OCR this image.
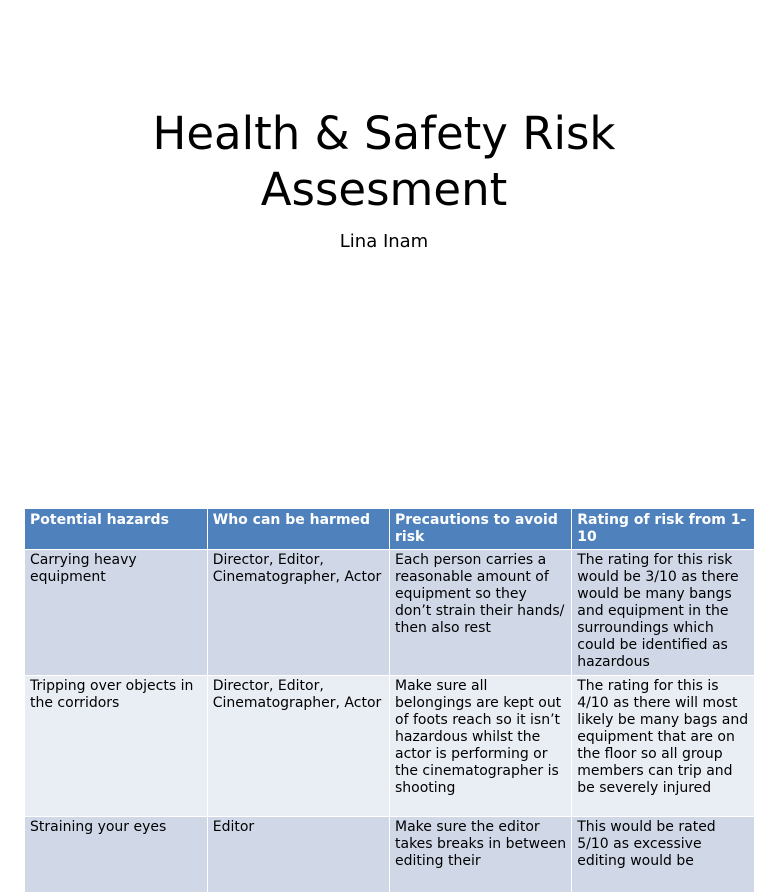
Health & Safety Risk
Assesment
Lina Inam
Potential hazards	Who can be harmed	Precautions to avoid risk	Rating of risk from 1-10
Carrying heavy equipment	Director, Editor, Cinematographer, Actor	Each person carries a reasonable amount of equipment so they don’t strain their hands/ then also rest	The rating for this risk would be 3/10 as there would be many bangs and equipment in the surroundings which could be identified as hazardous
Tripping over objects in the corridors	Director, Editor, Cinematographer, Actor	Make sure all belongings are kept out of foots reach so it isn’t hazardous whilst the actor is performing or the cinematographer is shooting	The rating for this is 4/10 as there will most likely be many bags and equipment that are on the floor so all group members can trip and be severely injured
Straining your eyes	Editor	Make sure the editor takes breaks in between editing their	This would be rated 5/10 as excessive editing would be
